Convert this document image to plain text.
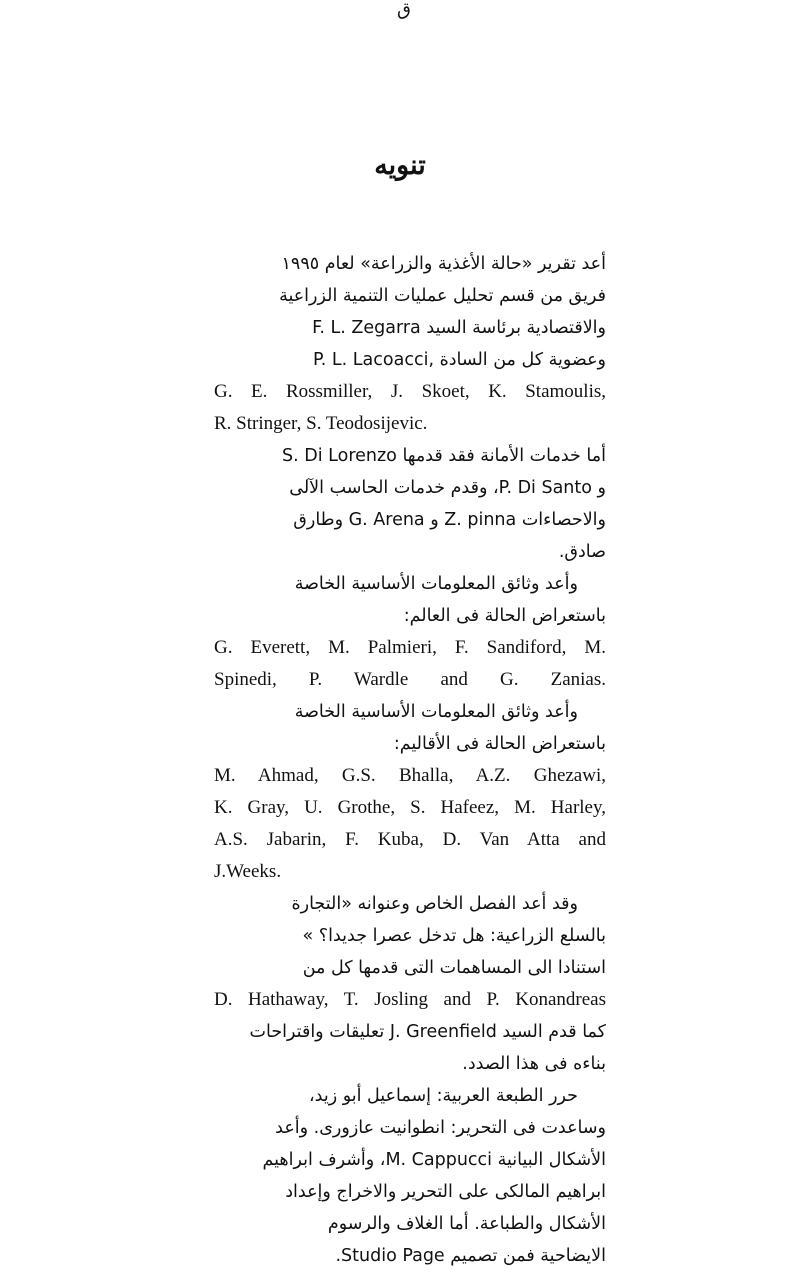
ق
تنويه
أعد تقرير «حالة الأغذية والزراعة» لعام ١٩٩٥
فريق من قسم تحليل عمليات التنمية الزراعية
والاقتصادية برئاسة السيد F. L. Zegarra
وعضوية كل من السادة ,P. L. Lacoacci
G. E. Rossmiller, J. Skoet, K. Stamoulis,
R. Stringer, S. Teodosijevic.
أما خدمات الأمانة فقد قدمها S. Di Lorenzo
و P. Di Santo، وقدم خدمات الحاسب الآلى
والاحصاءات Z. pinna و G. Arena وطارق
صادق.
وأعد وثائق المعلومات الأساسية الخاصة
باستعراض الحالة فى العالم:
G. Everett, M. Palmieri, F. Sandiford, M.
Spinedi, P. Wardle and G. Zanias.
وأعد وثائق المعلومات الأساسية الخاصة
باستعراض الحالة فى الأقاليم:
M. Ahmad, G.S. Bhalla, A.Z. Ghezawi,
K. Gray, U. Grothe, S. Hafeez, M. Harley,
A.S. Jabarin, F. Kuba, D. Van Atta and
J.Weeks.
وقد أعد الفصل الخاص وعنوانه «التجارة
بالسلع الزراعية: هل تدخل عصرا جديدا؟ »
استنادا الى المساهمات التى قدمها كل من
D. Hathaway, T. Josling and P. Konandreas
كما قدم السيد J. Greenfield تعليقات واقتراحات
بناءه فى هذا الصدد.
حرر الطبعة العربية: إسماعيل أبو زيد،
وساعدت فى التحرير: انطوانيت عازورى. وأعد
الأشكال البيانية M. Cappucci، وأشرف ابراهيم
ابراهيم المالكى على التحرير والاخراج وإعداد
الأشكال والطباعة. أما الغلاف والرسوم
الايضاحية فمن تصميم Studio Page.
